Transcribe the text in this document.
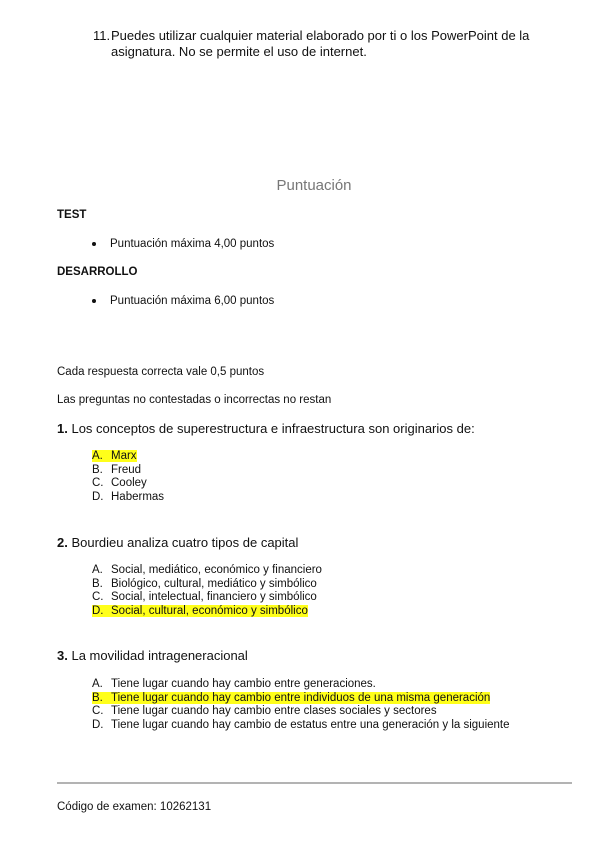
11. Puedes utilizar cualquier material elaborado por ti o los PowerPoint de la asignatura. No se permite el uso de internet.
Puntuación
TEST
Puntuación máxima 4,00 puntos
DESARROLLO
Puntuación máxima 6,00 puntos
Cada respuesta correcta vale 0,5 puntos
Las preguntas no contestadas o incorrectas no restan
1. Los conceptos de superestructura e infraestructura son originarios de:
A. Marx
B. Freud
C. Cooley
D. Habermas
2. Bourdieu analiza cuatro tipos de capital
A. Social, mediático, económico y financiero
B. Biológico, cultural, mediático y simbólico
C. Social, intelectual, financiero y simbólico
D. Social, cultural, económico y simbólico
3. La movilidad intrageneracional
A. Tiene lugar cuando hay cambio entre generaciones.
B. Tiene lugar cuando hay cambio entre individuos de una misma generación
C. Tiene lugar cuando hay cambio entre clases sociales y sectores
D. Tiene lugar cuando hay cambio de estatus entre una generación y la siguiente
Código de examen: 10262131
